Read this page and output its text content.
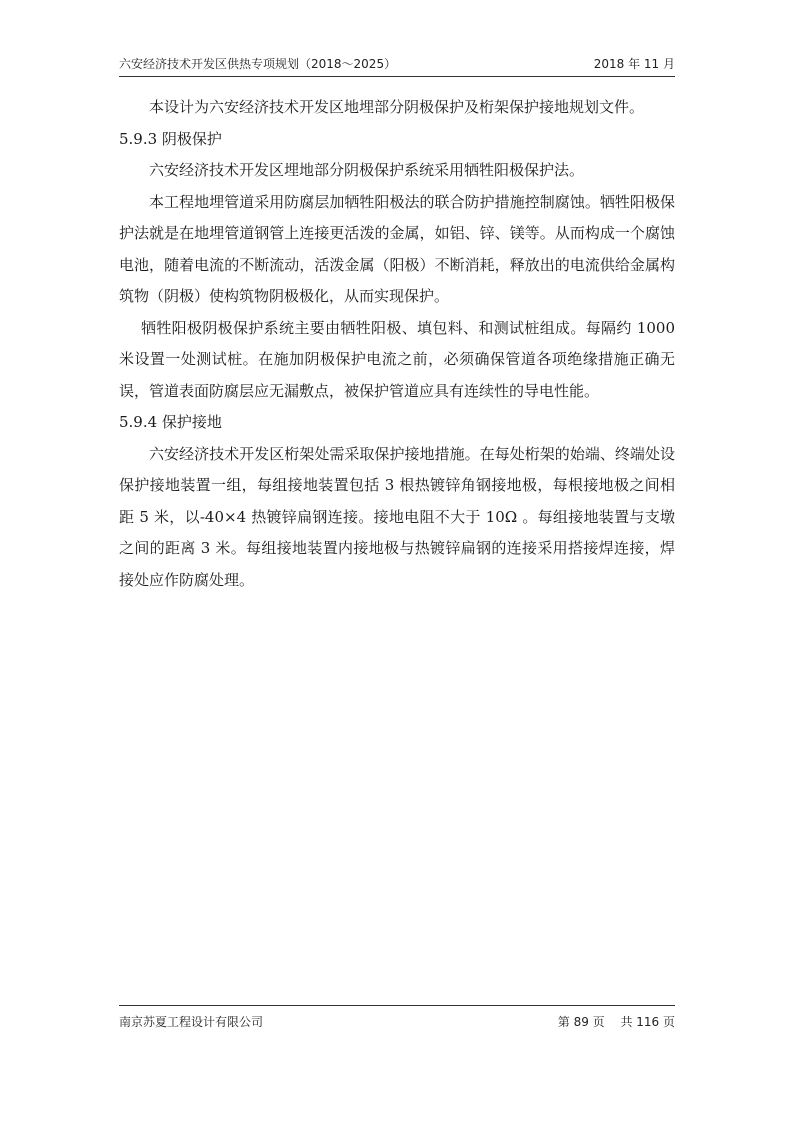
六安经济技术开发区供热专项规划（2018～2025）	2018 年 11 月

本设计为六安经济技术开发区地埋部分阴极保护及桁架保护接地规划文件。

5.9.3 阴极保护

六安经济技术开发区埋地部分阴极保护系统采用牺牲阳极保护法。

本工程地埋管道采用防腐层加牺牲阳极法的联合防护措施控制腐蚀。牺牲阳极保护法就是在地埋管道钢管上连接更活泼的金属，如铝、锌、镁等。从而构成一个腐蚀电池，随着电流的不断流动，活泼金属（阳极）不断消耗，释放出的电流供给金属构筑物（阴极）使构筑物阴极极化，从而实现保护。

牺牲阳极阴极保护系统主要由牺牲阳极、填包料、和测试桩组成。每隔约 1000 米设置一处测试桩。在施加阴极保护电流之前，必须确保管道各项绝缘措施正确无误，管道表面防腐层应无漏敷点，被保护管道应具有连续性的导电性能。

5.9.4 保护接地

六安经济技术开发区桁架处需采取保护接地措施。在每处桁架的始端、终端处设保护接地装置一组，每组接地装置包括 3 根热镀锌角钢接地极，每根接地极之间相距 5 米，以-40×4 热镀锌扁钢连接。接地电阻不大于 10Ω 。每组接地装置与支墩之间的距离 3 米。每组接地装置内接地极与热镀锌扁钢的连接采用搭接焊连接，焊接处应作防腐处理。

南京苏夏工程设计有限公司	第 89 页　 共 116 页
